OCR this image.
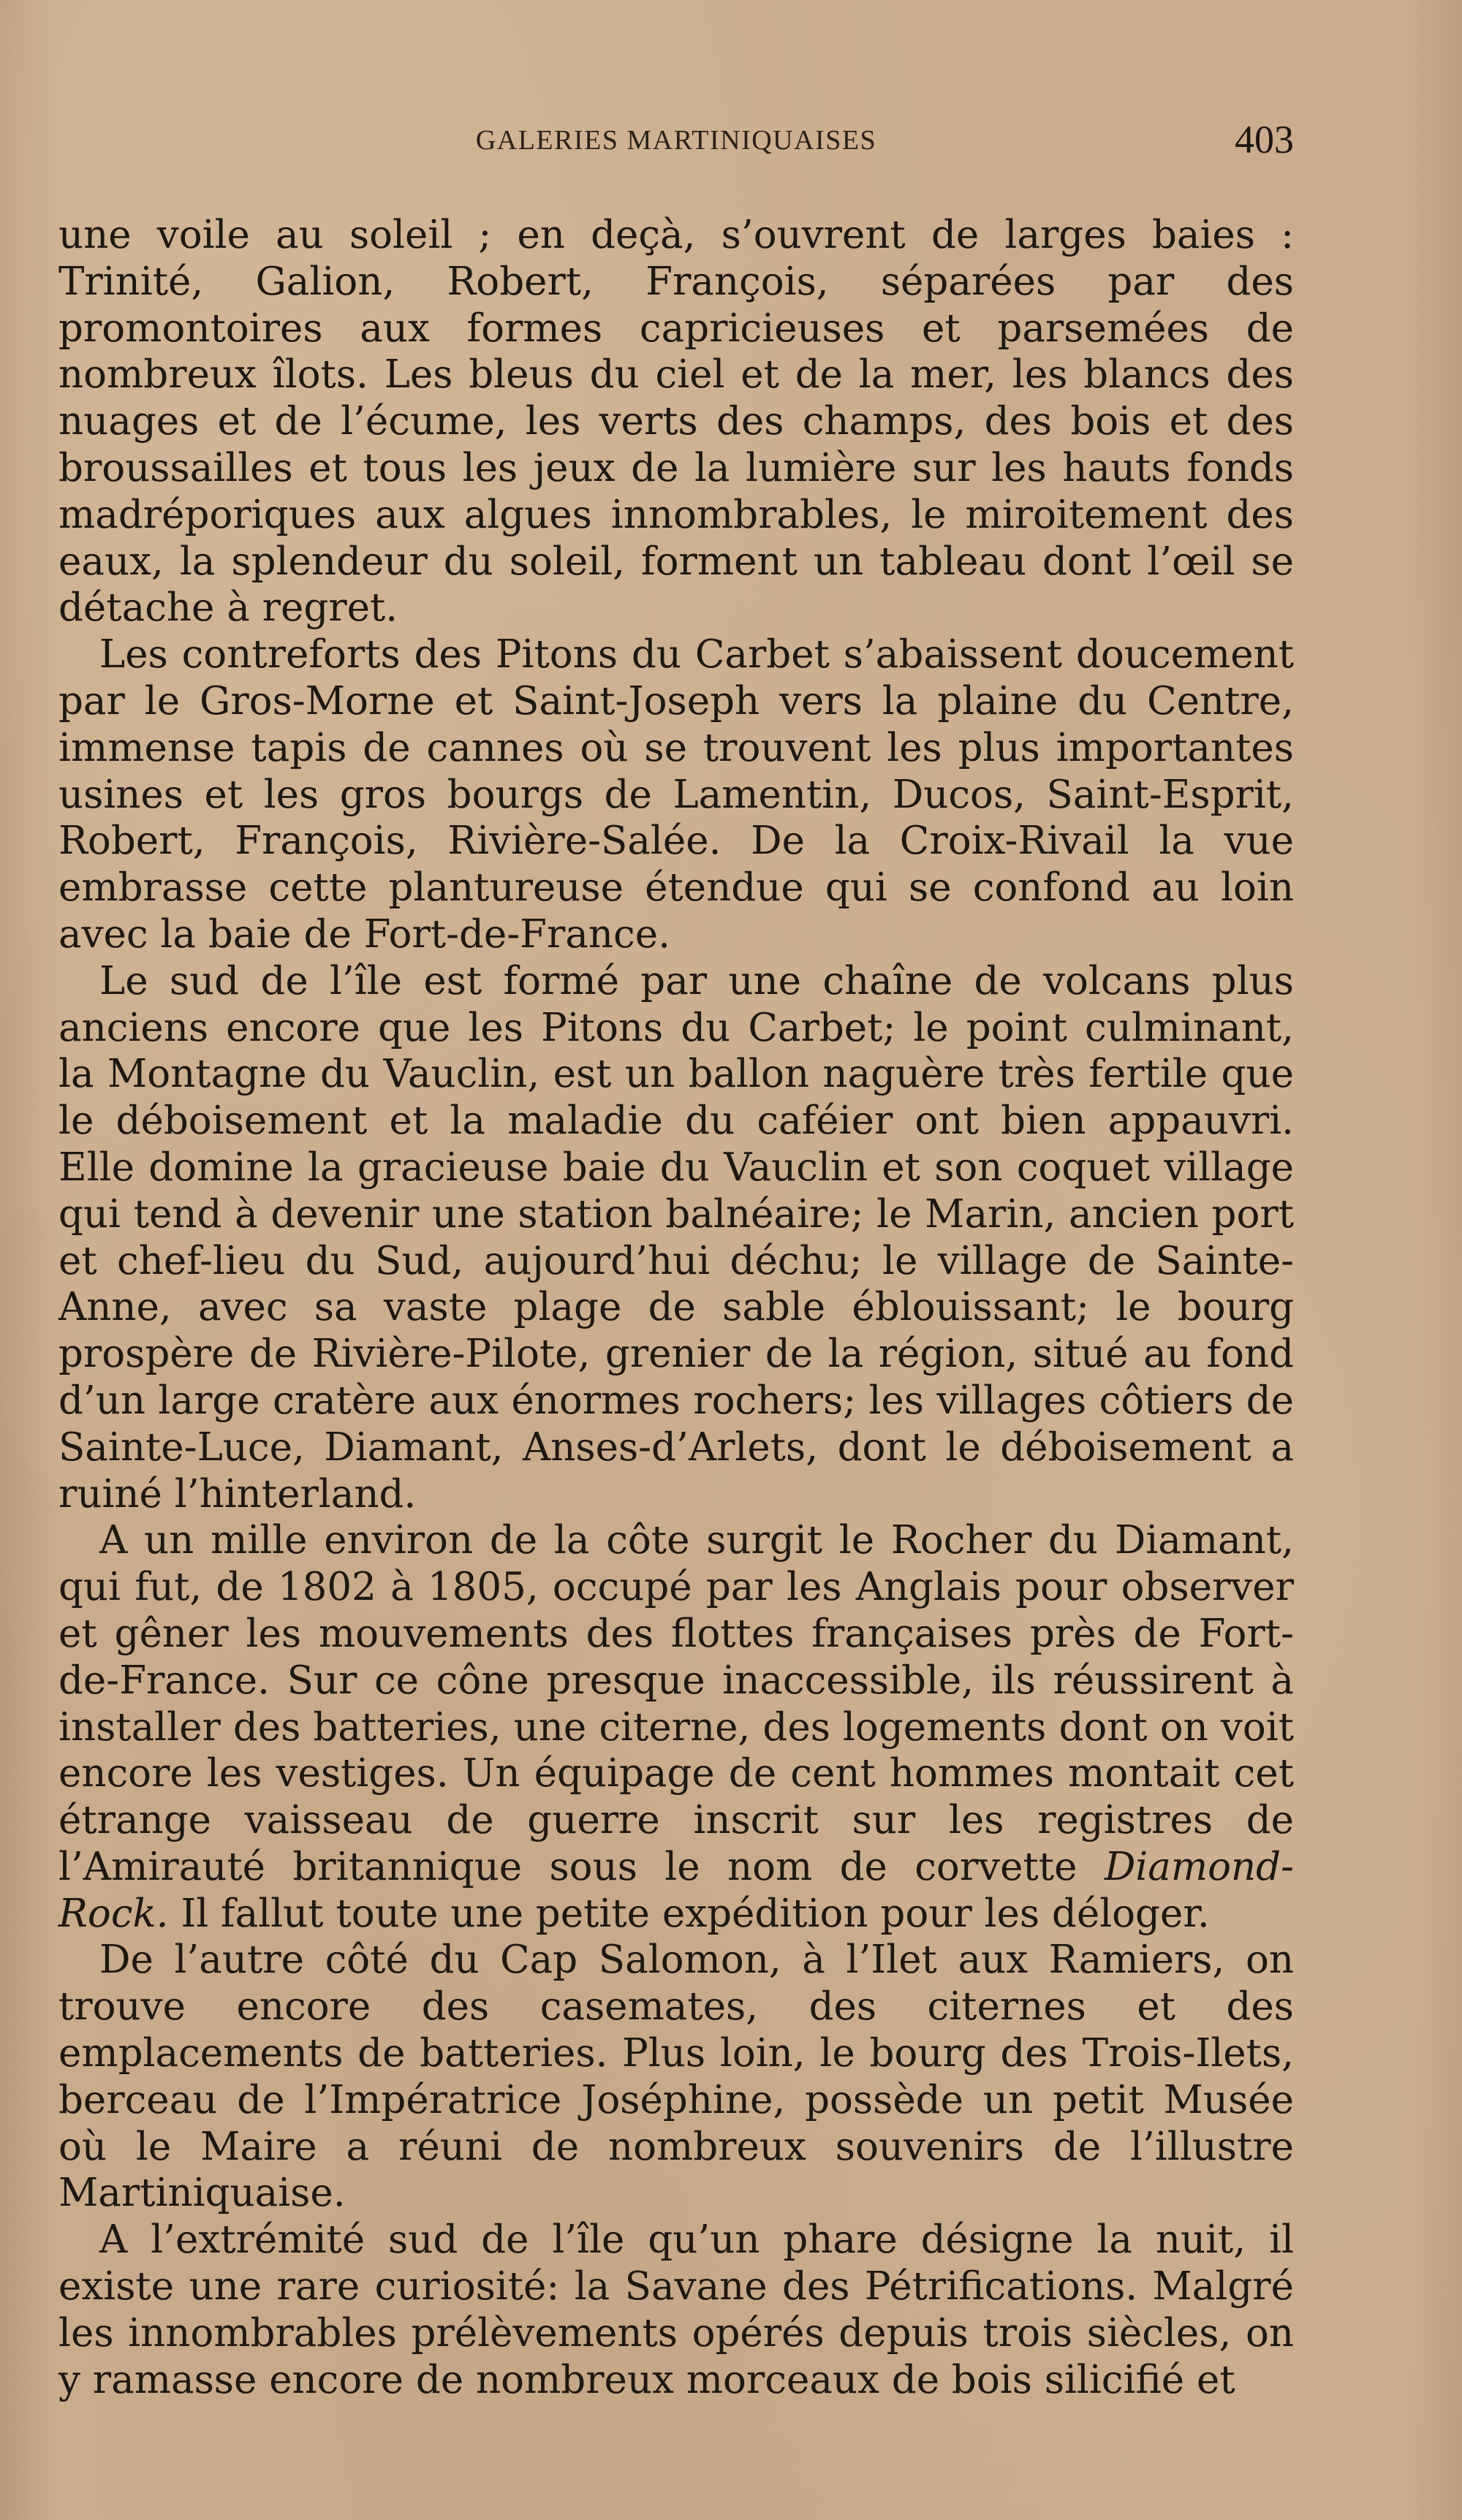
GALERIES MARTINIQUAISES	403

une voile au soleil ; en deçà, s’ouvrent de larges baies : Trinité, Galion, Robert, François, séparées par des promontoires aux formes capricieuses et parsemées de nombreux îlots. Les bleus du ciel et de la mer, les blancs des nuages et de l’écume, les verts des champs, des bois et des broussailles et tous les jeux de la lumière sur les hauts fonds madréporiques aux algues innombrables, le miroitement des eaux, la splendeur du soleil, forment un tableau dont l’œil se détache à regret.

Les contreforts des Pitons du Carbet s’abaissent doucement par le Gros-Morne et Saint-Joseph vers la plaine du Centre, immense tapis de cannes où se trouvent les plus importantes usines et les gros bourgs de Lamentin, Ducos, Saint-Esprit, Robert, François, Rivière-Salée. De la Croix-Rivail la vue embrasse cette plantureuse étendue qui se confond au loin avec la baie de Fort-de-France.

Le sud de l’île est formé par une chaîne de volcans plus anciens encore que les Pitons du Carbet; le point culminant, la Montagne du Vauclin, est un ballon naguère très fertile que le déboisement et la maladie du caféier ont bien appauvri. Elle domine la gracieuse baie du Vauclin et son coquet village qui tend à devenir une station balnéaire; le Marin, ancien port et chef-lieu du Sud, aujourd’hui déchu; le village de Sainte-Anne, avec sa vaste plage de sable éblouissant; le bourg prospère de Rivière-Pilote, grenier de la région, situé au fond d’un large cratère aux énormes rochers; les villages côtiers de Sainte-Luce, Diamant, Anses-d’Arlets, dont le déboisement a ruiné l’hinterland.

A un mille environ de la côte surgit le Rocher du Diamant, qui fut, de 1802 à 1805, occupé par les Anglais pour observer et gêner les mouvements des flottes françaises près de Fort-de-France. Sur ce cône presque inaccessible, ils réussirent à installer des batteries, une citerne, des logements dont on voit encore les vestiges. Un équipage de cent hommes montait cet étrange vaisseau de guerre inscrit sur les registres de l’Amirauté britannique sous le nom de corvette Diamond-Rock. Il fallut toute une petite expédition pour les déloger.

De l’autre côté du Cap Salomon, à l’Ilet aux Ramiers, on trouve encore des casemates, des citernes et des emplacements de batteries. Plus loin, le bourg des Trois-Ilets, berceau de l’Impératrice Joséphine, possède un petit Musée où le Maire a réuni de nombreux souvenirs de l’illustre Martiniquaise.

A l’extrémité sud de l’île qu’un phare désigne la nuit, il existe une rare curiosité: la Savane des Pétrifications. Malgré les innombrables prélèvements opérés depuis trois siècles, on y ramasse encore de nombreux morceaux de bois silicifié et
